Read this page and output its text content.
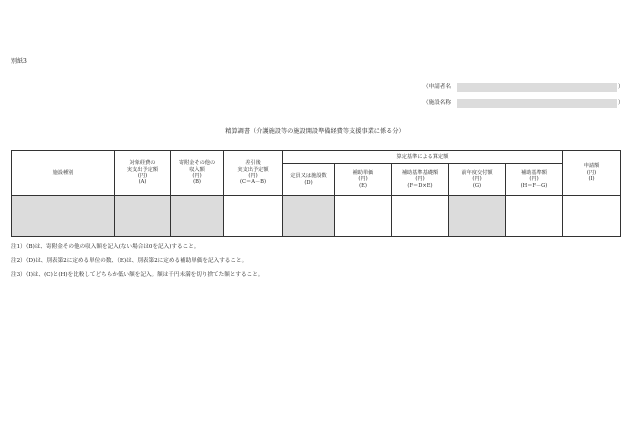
別紙3
（申請者名	）
（施設名称	）
精算調書（介護施設等の施設開設準備経費等支援事業に係る分）
施設種別	対象経費の
実支出予定額
(円)
(A)	寄附金その他の
収入額
(円)
(B)	差引後
実支出予定額
(円)
(C＝A－B)	算定基準による算定額					申請額
(円)
(I)
				定員又は施設数
(D)	補助単価
(円)
(E)	補助基準基礎額
(円)
(F＝D×E)	前年度交付額
(円)
(G)	補助基準額
(円)
(H＝F－G)	

注1）（B)は、寄附金その他の収入額を記入(ない場合は0を記入)すること。
注2）（D)は、別表第2に定める単位の数、（E)は、別表第2に定める補助単価を記入すること。
注3）（I)は、(C)と(H)を比較してどちらか低い額を記入。額は千円未満を切り捨てた額とすること。
